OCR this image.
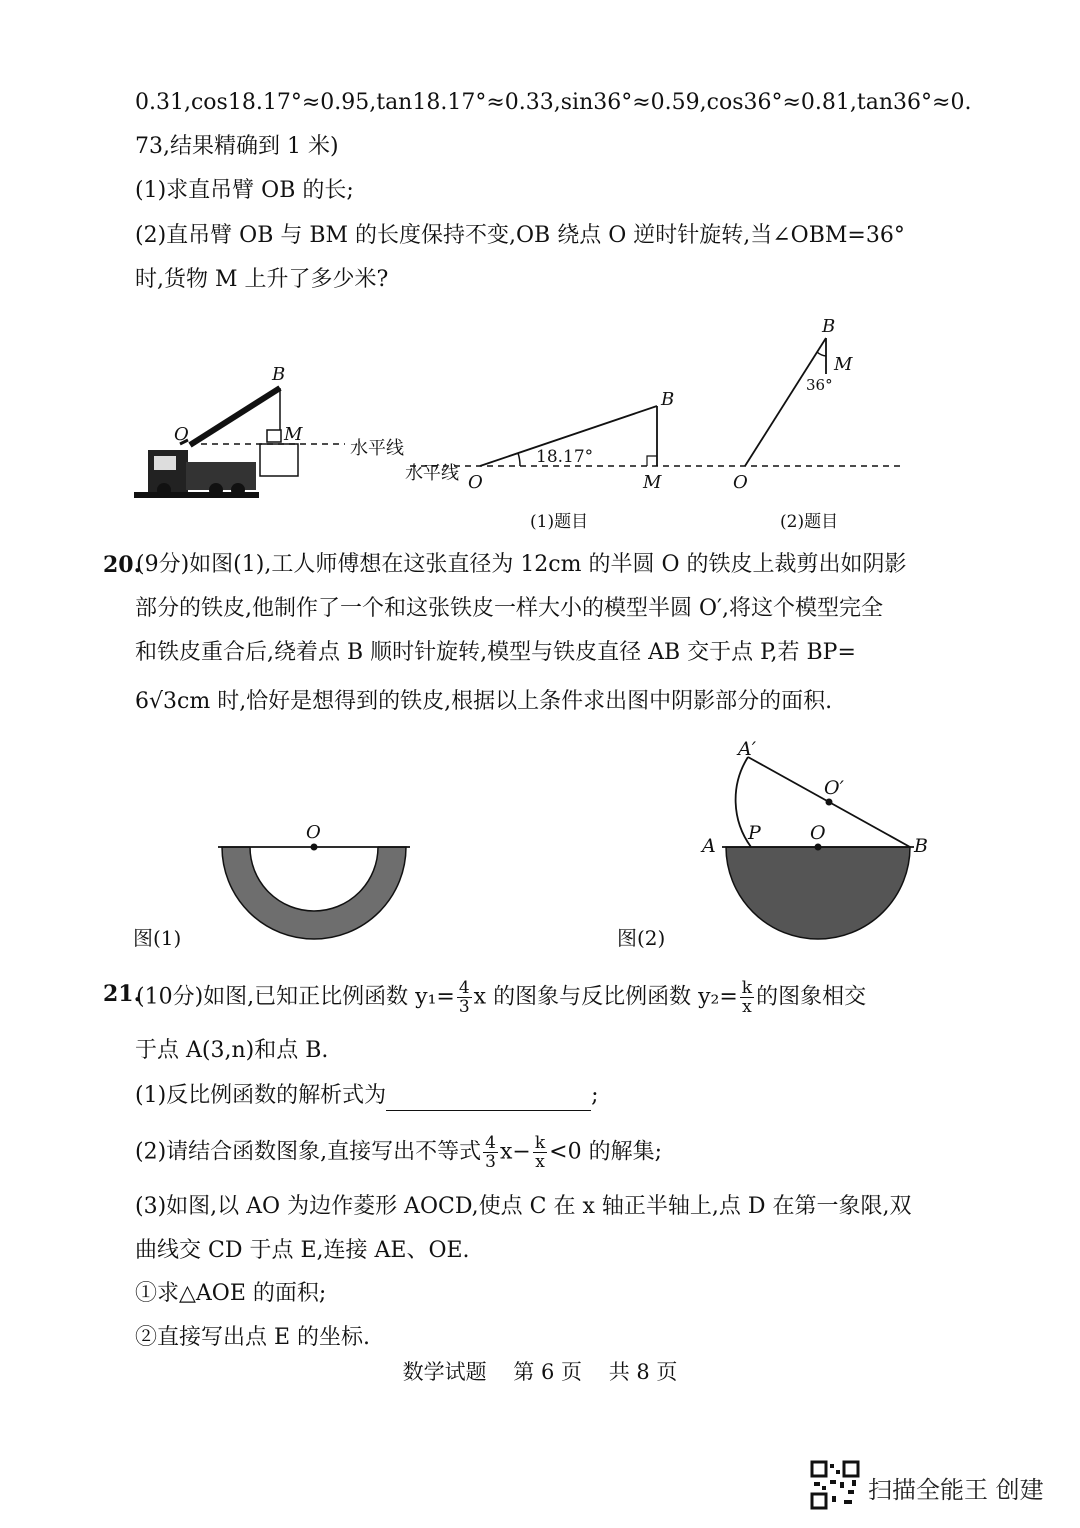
0.31,cos18.17°≈0.95,tan18.17°≈0.33,sin36°≈0.59,cos36°≈0.81,tan36°≈0.
73,结果精确到 1 米)
(1)求直吊臂 OB 的长;
(2)直吊臂 OB 与 BM 的长度保持不变,OB 绕点 O 逆时针旋转,当∠OBM=36°
时,货物 M 上升了多少米?
B
O	M
水平线
B
O	M
18.17°
水平线
(1)题目
B
O
M
36°
(2)题目
20.
(9分)如图(1),工人师傅想在这张直径为 12cm 的半圆 O 的铁皮上裁剪出如阴影
部分的铁皮,他制作了一个和这张铁皮一样大小的模型半圆 O′,将这个模型完全
和铁皮重合后,绕着点 B 顺时针旋转,模型与铁皮直径 AB 交于点 P,若 BP=
6√3cm 时,恰好是想得到的铁皮,根据以上条件求出图中阴影部分的面积.
O
图(1)
A′
O′
A
P	O
B
图(2)
21.
(10分)如图,已知正比例函数 $y_1= \frac{4}{3}$ x 的图象与反比例函数 $y_2= \frac{k}{x}$ 的图象相交
于点 A(3,n)和点 B.
(1)反比例函数的解析式为	;
(2)请结合函数图象,直接写出不等式 $\frac{4}{3} x- \frac{k}{x} <0$ 的解集;
(3)如图,以 AO 为边作菱形 AOCD,使点 C 在 x 轴正半轴上,点 D 在第一象限,双
曲线交 CD 于点 E,连接 AE、OE.
①求△AOE 的面积;
②直接写出点 E 的坐标.
数学试题    第 6 页    共 8 页
扫描全能王 创建
